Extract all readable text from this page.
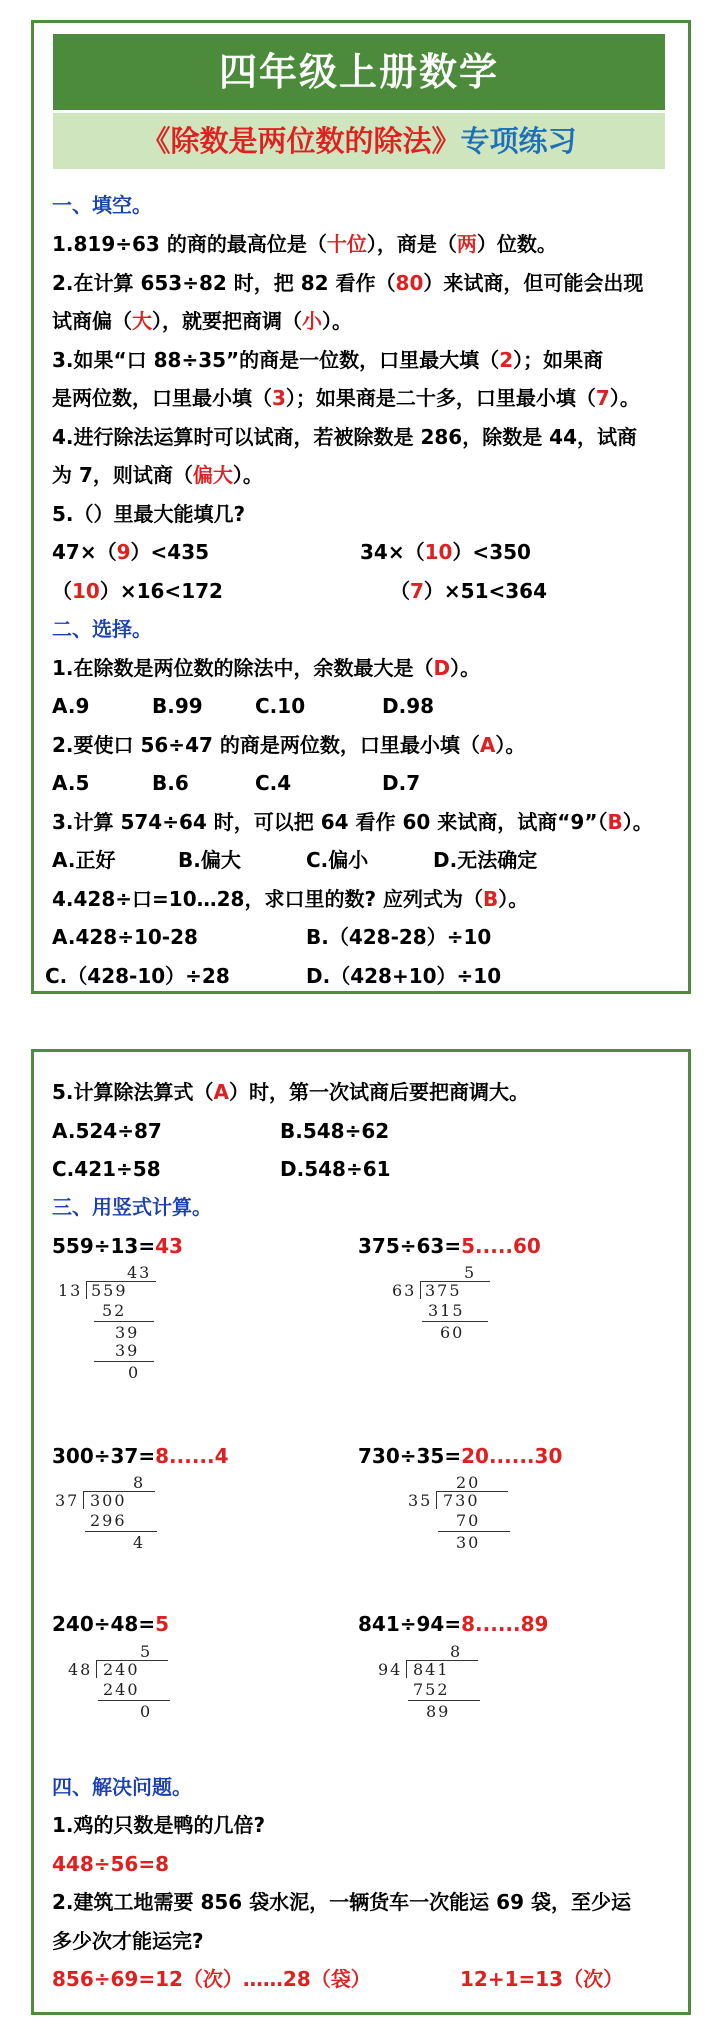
四年级上册数学
《除数是两位数的除法》专项练习
一、填空。
1.819÷63 的商的最高位是（十位），商是（两）位数。
2.在计算 653÷82 时，把 82 看作（80）来试商，但可能会出现
试商偏（大），就要把商调（小）。
3.如果“口 88÷35”的商是一位数，口里最大填（2）；如果商
是两位数，口里最小填（3）；如果商是二十多，口里最小填（7）。
4.进行除法运算时可以试商，若被除数是 286，除数是 44，试商
为 7，则试商（偏大）。
5.（）里最大能填几?
47×（9）<435	34×（10）<350
（10）×16<172	（7）×51<364
二、选择。
1.在除数是两位数的除法中，余数最大是（D）。
A.9	B.99	C.10	D.98
2.要使口 56÷47 的商是两位数，口里最小填（A）。
A.5	B.6	C.4	D.7
3.计算 574÷64 时，可以把 64 看作 60 来试商，试商“9”（B）。
A.正好	B.偏大	C.偏小	D.无法确定
4.428÷口=10…28，求口里的数? 应列式为（B）。
A.428÷10-28	B.（428-28）÷10
C.（428-10）÷28	D.（428+10）÷10
5.计算除法算式（A）时，第一次试商后要把商调大。
A.524÷87	B.548÷62
C.421÷58	D.548÷61
三、用竖式计算。
559÷13=43	375÷63=5.....60
43
13 559
52
39
39
0
5
63 375
315
60
300÷37=8......4	730÷35=20......30
8
37 300
296
4
20
35 730
70
30
240÷48=5	841÷94=8......89
5
48 240
240
0
8
94 841
752
89
四、解决问题。
1.鸡的只数是鸭的几倍?
448÷56=8
2.建筑工地需要 856 袋水泥，一辆货车一次能运 69 袋，至少运
多少次才能运完?
856÷69=12（次）……28（袋）	12+1=13（次）
